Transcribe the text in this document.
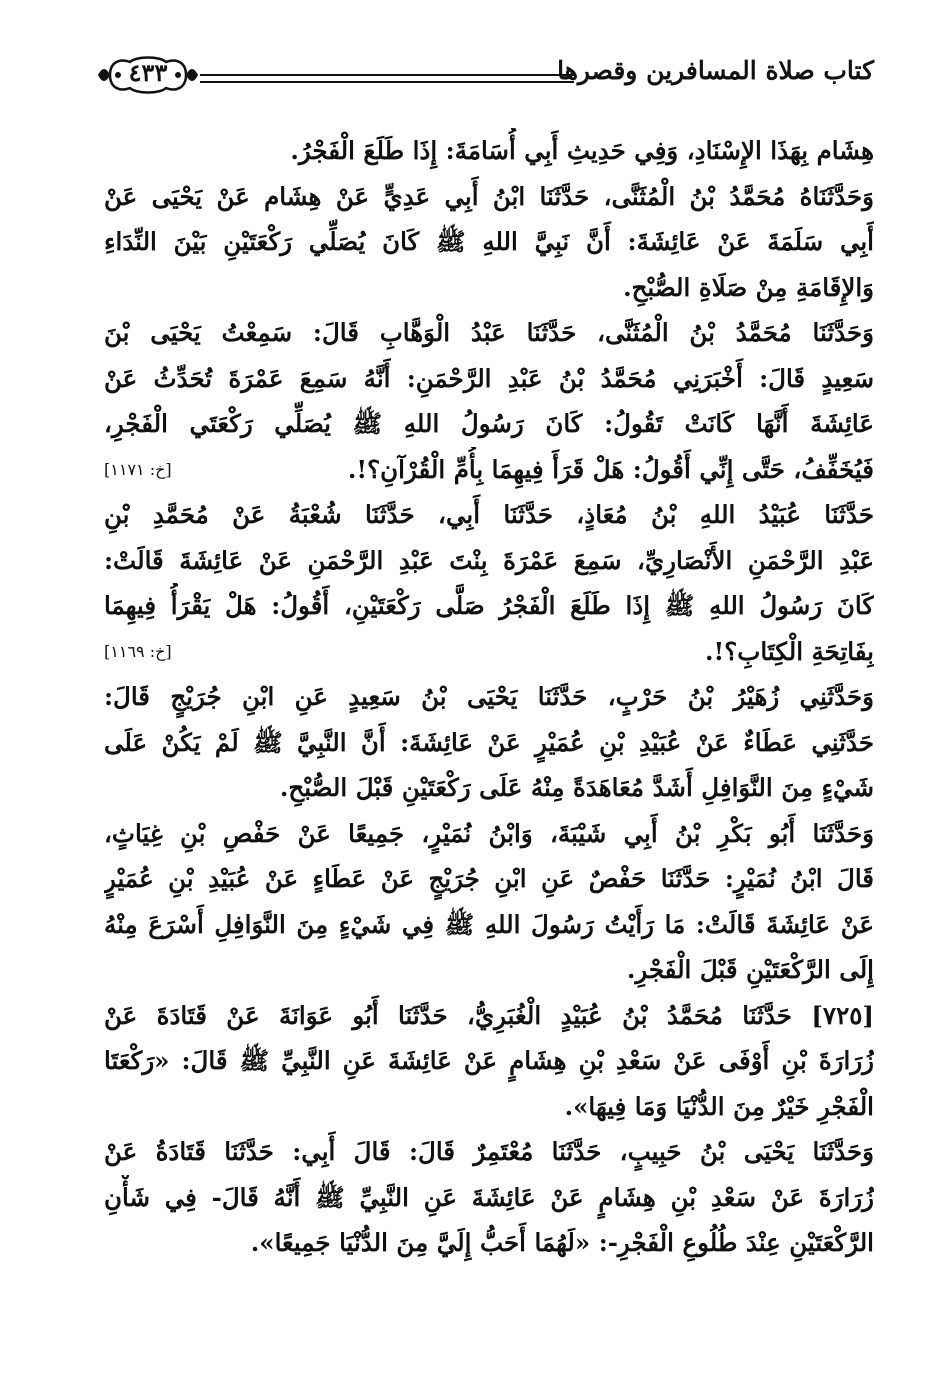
كتاب صلاة المسافرين وقصرها
٤٣٣
هِشَام بِهَذَا الإِسْنَادِ، وَفِي حَدِيثِ أَبِي أُسَامَةَ: إِذَا طَلَعَ الْفَجْرُ.
وَحَدَّثَنَاهُ مُحَمَّدُ بْنُ الْمُثَنَّى، حَدَّثَنَا ابْنُ أَبِي عَدِيٍّ عَنْ هِشَام عَنْ يَحْيَى عَنْ
أَبِي سَلَمَةَ عَنْ عَائِشَةَ: أَنَّ نَبِيَّ اللهِ ﷺ كَانَ يُصَلِّي رَكْعَتَيْنِ بَيْنَ النِّدَاءِ
وَالإِقَامَةِ مِنْ صَلَاةِ الصُّبْحِ.
وَحَدَّثَنَا مُحَمَّدُ بْنُ الْمُثَنَّى، حَدَّثَنَا عَبْدُ الْوَهَّابِ قَالَ: سَمِعْتُ يَحْيَى بْنَ
سَعِيدٍ قَالَ: أَخْبَرَنِي مُحَمَّدُ بْنُ عَبْدِ الرَّحْمَنِ: أَنَّهُ سَمِعَ عَمْرَةَ تُحَدِّثُ عَنْ
عَائِشَةَ أَنَّهَا كَانَتْ تَقُولُ: كَانَ رَسُولُ اللهِ ﷺ يُصَلِّي رَكْعَتَي الْفَجْرِ،
[خ: ١١٧١]	فَيُخَفِّفُ، حَتَّى إِنِّي أَقُولُ: هَلْ قَرَأَ فِيهِمَا بِأُمِّ الْقُرْآنِ؟!.
حَدَّثَنَا عُبَيْدُ اللهِ بْنُ مُعَاذٍ، حَدَّثَنَا أَبِي، حَدَّثَنَا شُعْبَةُ عَنْ مُحَمَّدِ بْنِ
عَبْدِ الرَّحْمَنِ الأَنْصَارِيِّ، سَمِعَ عَمْرَةَ بِنْتَ عَبْدِ الرَّحْمَنِ عَنْ عَائِشَةَ قَالَتْ:
كَانَ رَسُولُ اللهِ ﷺ إِذَا طَلَعَ الْفَجْرُ صَلَّى رَكْعَتَيْنِ، أَقُولُ: هَلْ يَقْرَأُ فِيهِمَا
[خ: ١١٦٩]	بِفَاتِحَةِ الْكِتَابِ؟!.
وَحَدَّثَنِي زُهَيْرُ بْنُ حَرْبٍ، حَدَّثَنَا يَحْيَى بْنُ سَعِيدٍ عَنِ ابْنِ جُرَيْجٍ قَالَ:
حَدَّثَنِي عَطَاءٌ عَنْ عُبَيْدِ بْنِ عُمَيْرٍ عَنْ عَائِشَةَ: أَنَّ النَّبِيَّ ﷺ لَمْ يَكُنْ عَلَى
شَيْءٍ مِنَ النَّوَافِلِ أَشَدَّ مُعَاهَدَةً مِنْهُ عَلَى رَكْعَتَيْنِ قَبْلَ الصُّبْحِ.
وَحَدَّثَنَا أَبُو بَكْرِ بْنُ أَبِي شَيْبَةَ، وَابْنُ نُمَيْرٍ، جَمِيعًا عَنْ حَفْصِ بْنِ غِيَاثٍ،
قَالَ ابْنُ نُمَيْرٍ: حَدَّثَنَا حَفْصٌ عَنِ ابْنِ جُرَيْجٍ عَنْ عَطَاءٍ عَنْ عُبَيْدِ بْنِ عُمَيْرٍ
عَنْ عَائِشَةَ قَالَتْ: مَا رَأَيْتُ رَسُولَ اللهِ ﷺ فِي شَيْءٍ مِنَ النَّوَافِلِ أَسْرَعَ مِنْهُ
إِلَى الرَّكْعَتَيْنِ قَبْلَ الْفَجْرِ.
[٧٢٥] حَدَّثَنَا مُحَمَّدُ بْنُ عُبَيْدٍ الْغُبَرِيُّ، حَدَّثَنَا أَبُو عَوَانَةَ عَنْ قَتَادَةَ عَنْ
زُرَارَةَ بْنِ أَوْفَى عَنْ سَعْدِ بْنِ هِشَامٍ عَنْ عَائِشَةَ عَنِ النَّبِيِّ ﷺ قَالَ: «رَكْعَتَا
الْفَجْرِ خَيْرٌ مِنَ الدُّنْيَا وَمَا فِيهَا».
وَحَدَّثَنَا يَحْيَى بْنُ حَبِيبٍ، حَدَّثَنَا مُعْتَمِرٌ قَالَ: قَالَ أَبِي: حَدَّثَنَا قَتَادَةُ عَنْ
زُرَارَةَ عَنْ سَعْدِ بْنِ هِشَامٍ عَنْ عَائِشَةَ عَنِ النَّبِيِّ ﷺ أَنَّهُ قَالَ- فِي شَأْنِ
الرَّكْعَتَيْنِ عِنْدَ طُلُوعِ الْفَجْرِ-: «لَهُمَا أَحَبُّ إِلَيَّ مِنَ الدُّنْيَا جَمِيعًا».
